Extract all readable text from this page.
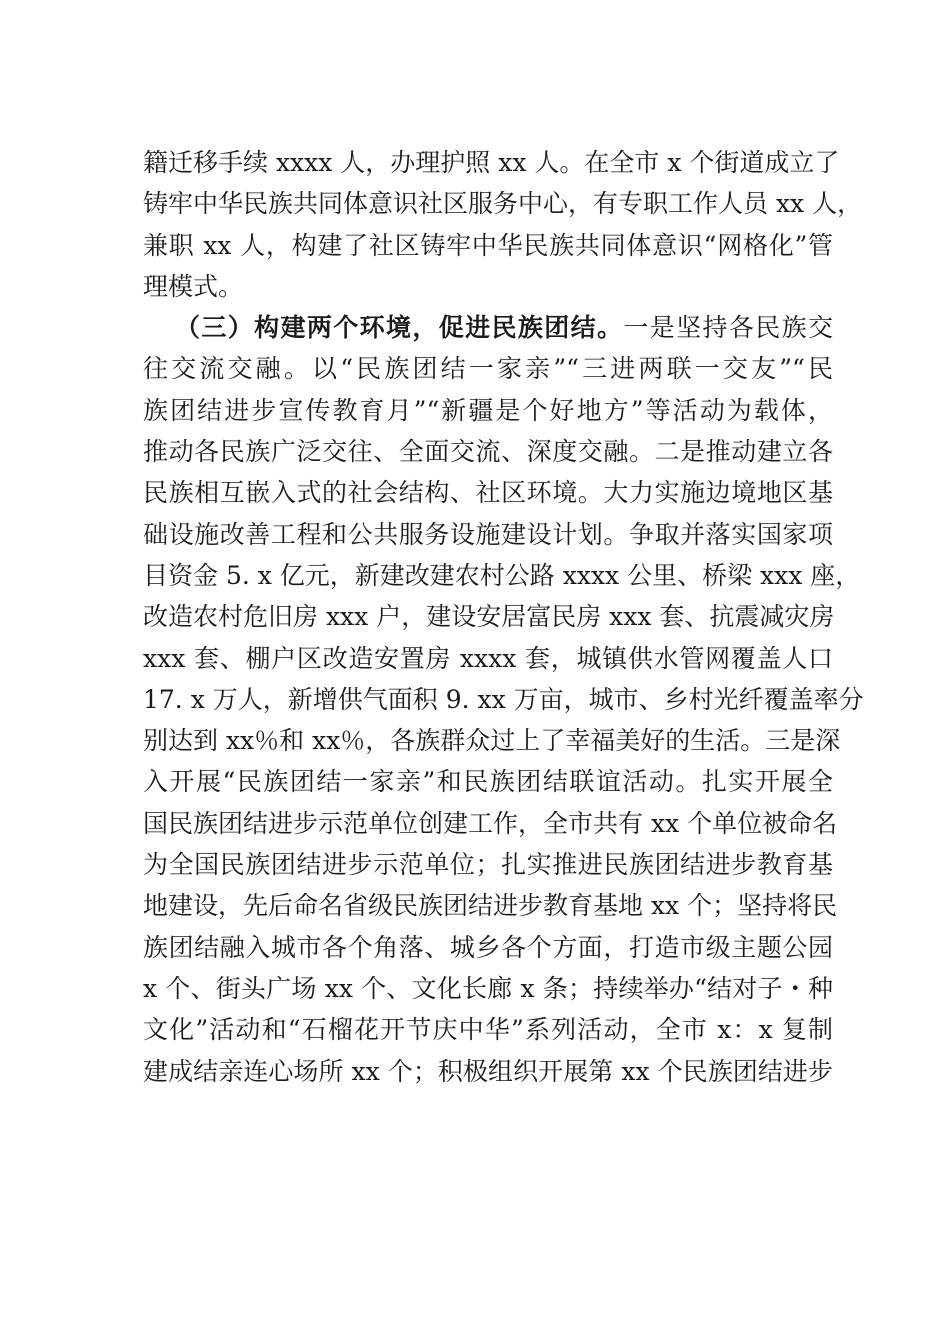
籍迁移手续 xxxx 人，办理护照 xx 人。在全市 x 个街道成立了
铸牢中华民族共同体意识社区服务中心，有专职工作人员 xx 人，
兼职 xx 人，构建了社区铸牢中华民族共同体意识“网格化”管
理模式。
（三）构建两个环境，促进民族团结。一是坚持各民族交
往交流交融。以“民族团结一家亲”“三进两联一交友”“民
族团结进步宣传教育月”“新疆是个好地方”等活动为载体，
推动各民族广泛交往、全面交流、深度交融。二是推动建立各
民族相互嵌入式的社会结构、社区环境。大力实施边境地区基
础设施改善工程和公共服务设施建设计划。争取并落实国家项
目资金 5. x 亿元，新建改建农村公路 xxxx 公里、桥梁 xxx 座，
改造农村危旧房 xxx 户，建设安居富民房 xxx 套、抗震减灾房
xxx 套、棚户区改造安置房 xxxx 套，城镇供水管网覆盖人口
17. x 万人，新增供气面积 9. xx 万亩，城市、乡村光纤覆盖率分
别达到 xx％和 xx％，各族群众过上了幸福美好的生活。三是深
入开展“民族团结一家亲”和民族团结联谊活动。扎实开展全
国民族团结进步示范单位创建工作，全市共有 xx 个单位被命名
为全国民族团结进步示范单位；扎实推进民族团结进步教育基
地建设，先后命名省级民族团结进步教育基地 xx 个；坚持将民
族团结融入城市各个角落、城乡各个方面，打造市级主题公园
x 个、街头广场 xx 个、文化长廊 x 条；持续举办“结对子・种
文化”活动和“石榴花开节庆中华”系列活动，全市 x：x 复制
建成结亲连心场所 xx 个；积极组织开展第 xx 个民族团结进步
